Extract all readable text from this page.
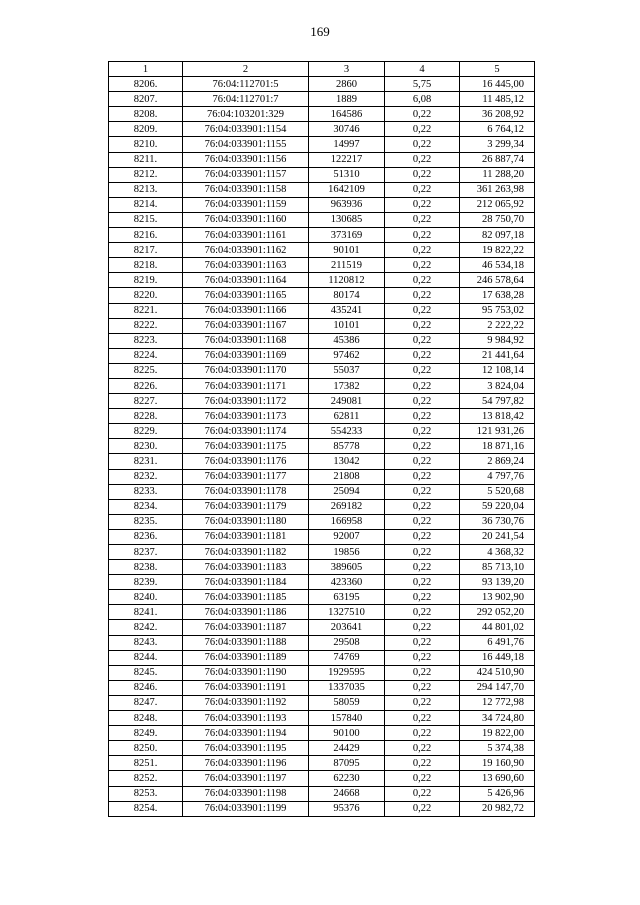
169
1	2	3	4	5
8206.	76:04:112701:5	2860	5,75	16 445,00
8207.	76:04:112701:7	1889	6,08	11 485,12
8208.	76:04:103201:329	164586	0,22	36 208,92
8209.	76:04:033901:1154	30746	0,22	6 764,12
8210.	76:04:033901:1155	14997	0,22	3 299,34
8211.	76:04:033901:1156	122217	0,22	26 887,74
8212.	76:04:033901:1157	51310	0,22	11 288,20
8213.	76:04:033901:1158	1642109	0,22	361 263,98
8214.	76:04:033901:1159	963936	0,22	212 065,92
8215.	76:04:033901:1160	130685	0,22	28 750,70
8216.	76:04:033901:1161	373169	0,22	82 097,18
8217.	76:04:033901:1162	90101	0,22	19 822,22
8218.	76:04:033901:1163	211519	0,22	46 534,18
8219.	76:04:033901:1164	1120812	0,22	246 578,64
8220.	76:04:033901:1165	80174	0,22	17 638,28
8221.	76:04:033901:1166	435241	0,22	95 753,02
8222.	76:04:033901:1167	10101	0,22	2 222,22
8223.	76:04:033901:1168	45386	0,22	9 984,92
8224.	76:04:033901:1169	97462	0,22	21 441,64
8225.	76:04:033901:1170	55037	0,22	12 108,14
8226.	76:04:033901:1171	17382	0,22	3 824,04
8227.	76:04:033901:1172	249081	0,22	54 797,82
8228.	76:04:033901:1173	62811	0,22	13 818,42
8229.	76:04:033901:1174	554233	0,22	121 931,26
8230.	76:04:033901:1175	85778	0,22	18 871,16
8231.	76:04:033901:1176	13042	0,22	2 869,24
8232.	76:04:033901:1177	21808	0,22	4 797,76
8233.	76:04:033901:1178	25094	0,22	5 520,68
8234.	76:04:033901:1179	269182	0,22	59 220,04
8235.	76:04:033901:1180	166958	0,22	36 730,76
8236.	76:04:033901:1181	92007	0,22	20 241,54
8237.	76:04:033901:1182	19856	0,22	4 368,32
8238.	76:04:033901:1183	389605	0,22	85 713,10
8239.	76:04:033901:1184	423360	0,22	93 139,20
8240.	76:04:033901:1185	63195	0,22	13 902,90
8241.	76:04:033901:1186	1327510	0,22	292 052,20
8242.	76:04:033901:1187	203641	0,22	44 801,02
8243.	76:04:033901:1188	29508	0,22	6 491,76
8244.	76:04:033901:1189	74769	0,22	16 449,18
8245.	76:04:033901:1190	1929595	0,22	424 510,90
8246.	76:04:033901:1191	1337035	0,22	294 147,70
8247.	76:04:033901:1192	58059	0,22	12 772,98
8248.	76:04:033901:1193	157840	0,22	34 724,80
8249.	76:04:033901:1194	90100	0,22	19 822,00
8250.	76:04:033901:1195	24429	0,22	5 374,38
8251.	76:04:033901:1196	87095	0,22	19 160,90
8252.	76:04:033901:1197	62230	0,22	13 690,60
8253.	76:04:033901:1198	24668	0,22	5 426,96
8254.	76:04:033901:1199	95376	0,22	20 982,72
